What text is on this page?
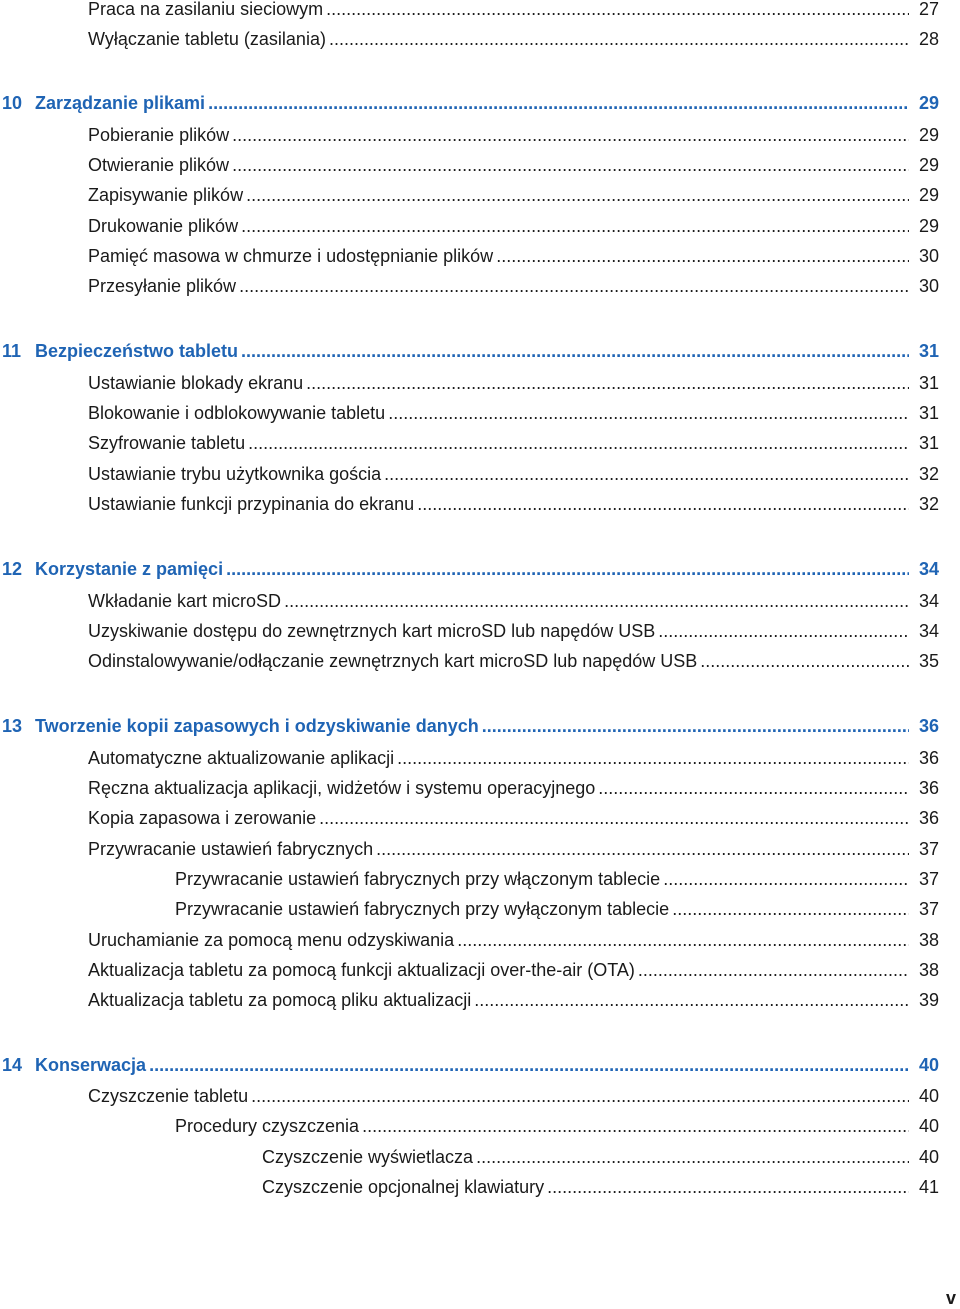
Praca na zasilaniu sieciowym .....	27
Wyłączanie tabletu (zasilania) .....	28
10 Zarządzanie plikami .....	29
Pobieranie plików .....	29
Otwieranie plików .....	29
Zapisywanie plików .....	29
Drukowanie plików .....	29
Pamięć masowa w chmurze i udostępnianie plików .....	30
Przesyłanie plików .....	30
11 Bezpieczeństwo tabletu .....	31
Ustawianie blokady ekranu .....	31
Blokowanie i odblokowywanie tabletu .....	31
Szyfrowanie tabletu .....	31
Ustawianie trybu użytkownika gościa .....	32
Ustawianie funkcji przypinania do ekranu .....	32
12 Korzystanie z pamięci .....	34
Wkładanie kart microSD .....	34
Uzyskiwanie dostępu do zewnętrznych kart microSD lub napędów USB .....	34
Odinstalowywanie/odłączanie zewnętrznych kart microSD lub napędów USB .....	35
13 Tworzenie kopii zapasowych i odzyskiwanie danych .....	36
Automatyczne aktualizowanie aplikacji .....	36
Ręczna aktualizacja aplikacji, widżetów i systemu operacyjnego .....	36
Kopia zapasowa i zerowanie .....	36
Przywracanie ustawień fabrycznych .....	37
Przywracanie ustawień fabrycznych przy włączonym tablecie .....	37
Przywracanie ustawień fabrycznych przy wyłączonym tablecie .....	37
Uruchamianie za pomocą menu odzyskiwania .....	38
Aktualizacja tabletu za pomocą funkcji aktualizacji over-the-air (OTA) .....	38
Aktualizacja tabletu za pomocą pliku aktualizacji .....	39
14 Konserwacja .....	40
Czyszczenie tabletu .....	40
Procedury czyszczenia .....	40
Czyszczenie wyświetlacza .....	40
Czyszczenie opcjonalnej klawiatury .....	41
v
